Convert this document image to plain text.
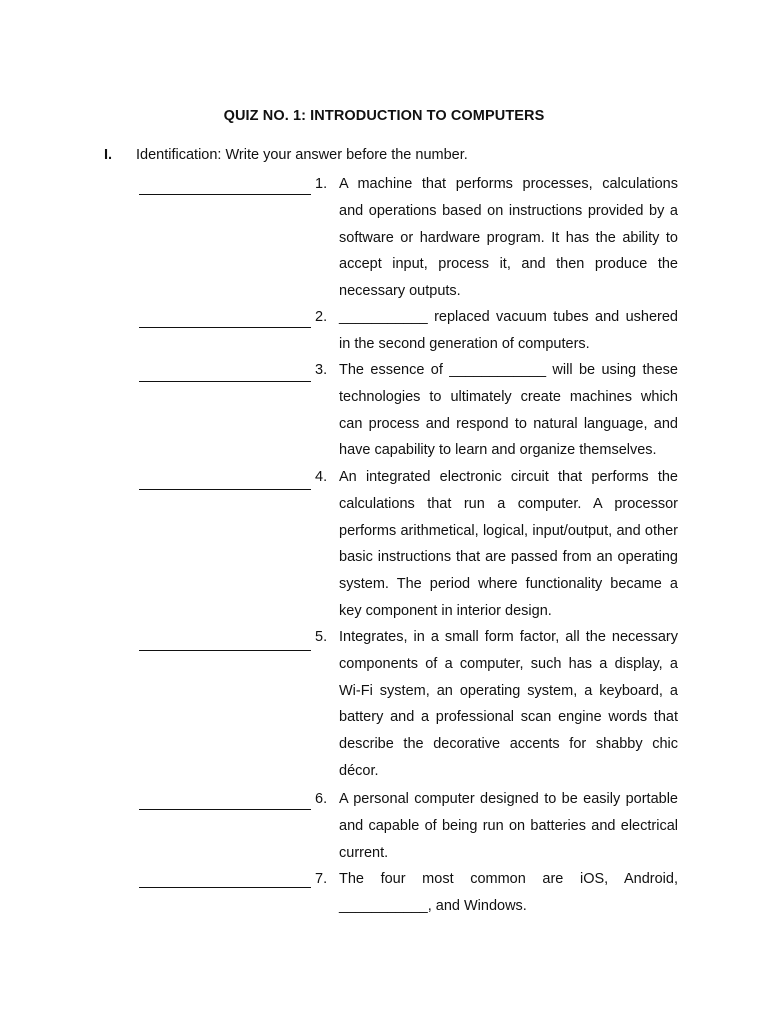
QUIZ NO. 1: INTRODUCTION TO COMPUTERS
I. Identification: Write your answer before the number.
1. A machine that performs processes, calculations and operations based on instructions provided by a software or hardware program. It has the ability to accept input, process it, and then produce the necessary outputs.
2. ___________ replaced vacuum tubes and ushered in the second generation of computers.
3. The essence of ____________ will be using these technologies to ultimately create machines which can process and respond to natural language, and have capability to learn and organize themselves.
4. An integrated electronic circuit that performs the calculations that run a computer. A processor performs arithmetical, logical, input/output, and other basic instructions that are passed from an operating system. The period where functionality became a key component in interior design.
5. Integrates, in a small form factor, all the necessary components of a computer, such has a display, a Wi-Fi system, an operating system, a keyboard, a battery and a professional scan engine words that describe the decorative accents for shabby chic décor.
6. A personal computer designed to be easily portable and capable of being run on batteries and electrical current.
7. The four most common are iOS, Android, ___________, and Windows.
